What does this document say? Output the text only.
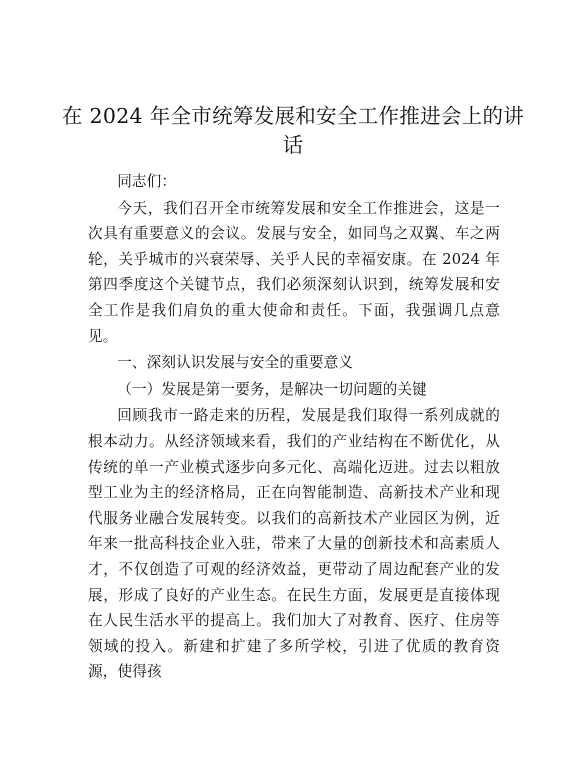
在 2024 年全市统筹发展和安全工作推进会上的讲话

同志们：

今天，我们召开全市统筹发展和安全工作推进会，这是一次具有重要意义的会议。发展与安全，如同鸟之双翼、车之两轮，关乎城市的兴衰荣辱、关乎人民的幸福安康。在 2024 年第四季度这个关键节点，我们必须深刻认识到，统筹发展和安全工作是我们肩负的重大使命和责任。下面，我强调几点意见。

一、深刻认识发展与安全的重要意义

（一）发展是第一要务，是解决一切问题的关键

回顾我市一路走来的历程，发展是我们取得一系列成就的根本动力。从经济领域来看，我们的产业结构在不断优化，从传统的单一产业模式逐步向多元化、高端化迈进。过去以粗放型工业为主的经济格局，正在向智能制造、高新技术产业和现代服务业融合发展转变。以我们的高新技术产业园区为例，近年来一批高科技企业入驻，带来了大量的创新技术和高素质人才，不仅创造了可观的经济效益，更带动了周边配套产业的发展，形成了良好的产业生态。在民生方面，发展更是直接体现在人民生活水平的提高上。我们加大了对教育、医疗、住房等领域的投入。新建和扩建了多所学校，引进了优质的教育资源，使得孩
